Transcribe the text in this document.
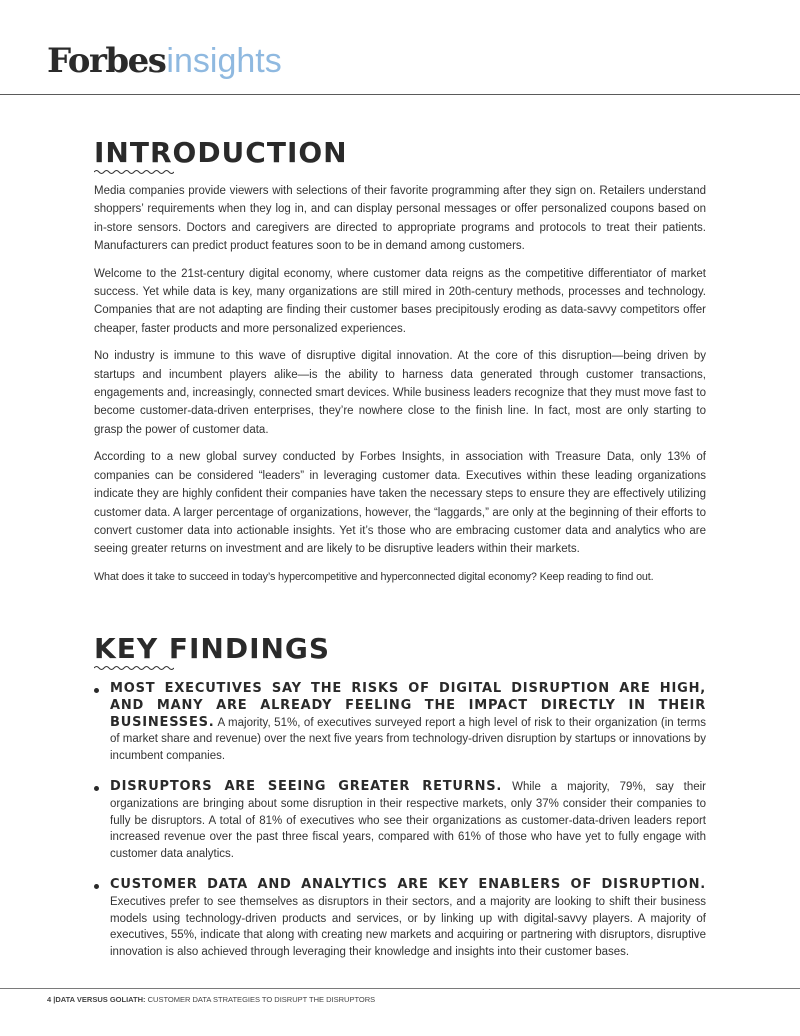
Forbesinsights
INTRODUCTION

Media companies provide viewers with selections of their favorite programming after they sign on. Retailers understand shoppers’ requirements when they log in, and can display personal messages or offer personalized coupons based on in-store sensors. Doctors and caregivers are directed to appropriate programs and protocols to treat their patients. Manufacturers can predict product features soon to be in demand among customers.

Welcome to the 21st-century digital economy, where customer data reigns as the competitive differentiator of market success. Yet while data is key, many organizations are still mired in 20th-century methods, processes and technology. Companies that are not adapting are finding their customer bases precipitously eroding as data-savvy competitors offer cheaper, faster products and more personalized experiences.

No industry is immune to this wave of disruptive digital innovation. At the core of this disruption—being driven by startups and incumbent players alike—is the ability to harness data generated through customer transactions, engagements and, increasingly, connected smart devices. While business leaders recognize that they must move fast to become customer-data-driven enterprises, they’re nowhere close to the finish line. In fact, most are only starting to grasp the power of customer data.

According to a new global survey conducted by Forbes Insights, in association with Treasure Data, only 13% of companies can be considered “leaders” in leveraging customer data. Executives within these leading organizations indicate they are highly confident their companies have taken the necessary steps to ensure they are effectively utilizing customer data. A larger percentage of organizations, however, the “laggards,” are only at the beginning of their efforts to convert customer data into actionable insights. Yet it’s those who are embracing customer data and analytics who are seeing greater returns on investment and are likely to be disruptive leaders within their markets.

What does it take to succeed in today’s hypercompetitive and hyperconnected digital economy? Keep reading to find out.

KEY FINDINGS

MOST EXECUTIVES SAY THE RISKS OF DIGITAL DISRUPTION ARE HIGH, AND MANY ARE ALREADY FEELING THE IMPACT DIRECTLY IN THEIR BUSINESSES. A majority, 51%, of executives surveyed report a high level of risk to their organization (in terms of market share and revenue) over the next five years from technology-driven disruption by startups or innovations by incumbent companies.

DISRUPTORS ARE SEEING GREATER RETURNS. While a majority, 79%, say their organizations are bringing about some disruption in their respective markets, only 37% consider their companies to fully be disruptors. A total of 81% of executives who see their organizations as customer-data-driven leaders report increased revenue over the past three fiscal years, compared with 61% of those who have yet to fully engage with customer data analytics.

CUSTOMER DATA AND ANALYTICS ARE KEY ENABLERS OF DISRUPTION. Executives prefer to see themselves as disruptors in their sectors, and a majority are looking to shift their business models using technology-driven products and services, or by linking up with digital-savvy players. A majority of executives, 55%, indicate that along with creating new markets and acquiring or partnering with disruptors, disruptive innovation is also achieved through leveraging their knowledge and insights into their customer bases.

4 |DATA VERSUS GOLIATH: CUSTOMER DATA STRATEGIES TO DISRUPT THE DISRUPTORS
